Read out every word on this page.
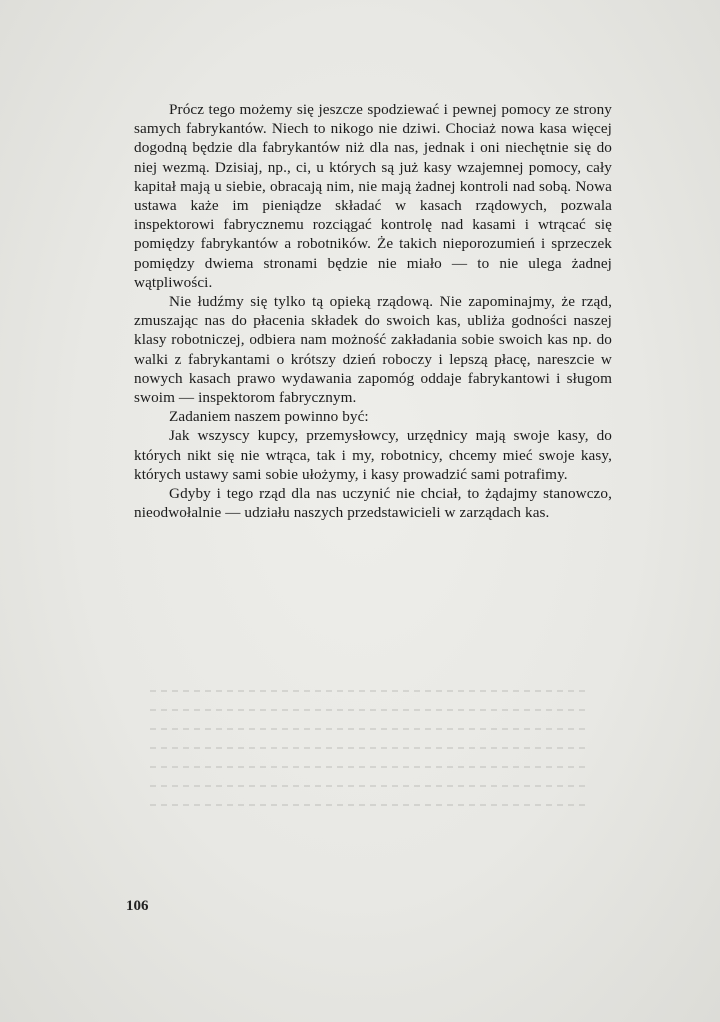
Prócz tego możemy się jeszcze spodziewać i pewnej pomocy ze strony samych fabrykantów. Niech to nikogo nie dziwi. Chociaż nowa kasa więcej dogodną będzie dla fabrykantów niż dla nas, jednak i oni niechętnie się do niej wezmą. Dzisiaj, np., ci, u których są już kasy wzajemnej pomocy, cały kapitał mają u siebie, obracają nim, nie mają żadnej kontroli nad sobą. Nowa ustawa każe im pieniądze składać w kasach rządowych, pozwala inspektorowi fabrycznemu rozciągać kontrolę nad kasami i wtrącać się pomiędzy fabrykantów a robotników. Że takich nieporozumień i sprzeczek pomiędzy dwiema stronami będzie nie miało — to nie ulega żadnej wątpliwości.

Nie łudźmy się tylko tą opieką rządową. Nie zapominajmy, że rząd, zmuszając nas do płacenia składek do swoich kas, ubliża godności naszej klasy robotniczej, odbiera nam możność zakładania sobie swoich kas np. do walki z fabrykantami o krótszy dzień roboczy i lepszą płacę, nareszcie w nowych kasach prawo wydawania zapomóg oddaje fabrykantowi i sługom swoim — inspektorom fabrycznym.

Zadaniem naszem powinno być:

Jak wszyscy kupcy, przemysłowcy, urzędnicy mają swoje kasy, do których nikt się nie wtrąca, tak i my, robotnicy, chcemy mieć swoje kasy, których ustawy sami sobie ułożymy, i kasy prowadzić sami potrafimy.

Gdyby i tego rząd dla nas uczynić nie chciał, to żądajmy stanowczo, nieodwołalnie — udziału naszych przedstawicieli w zarządach kas.

106
